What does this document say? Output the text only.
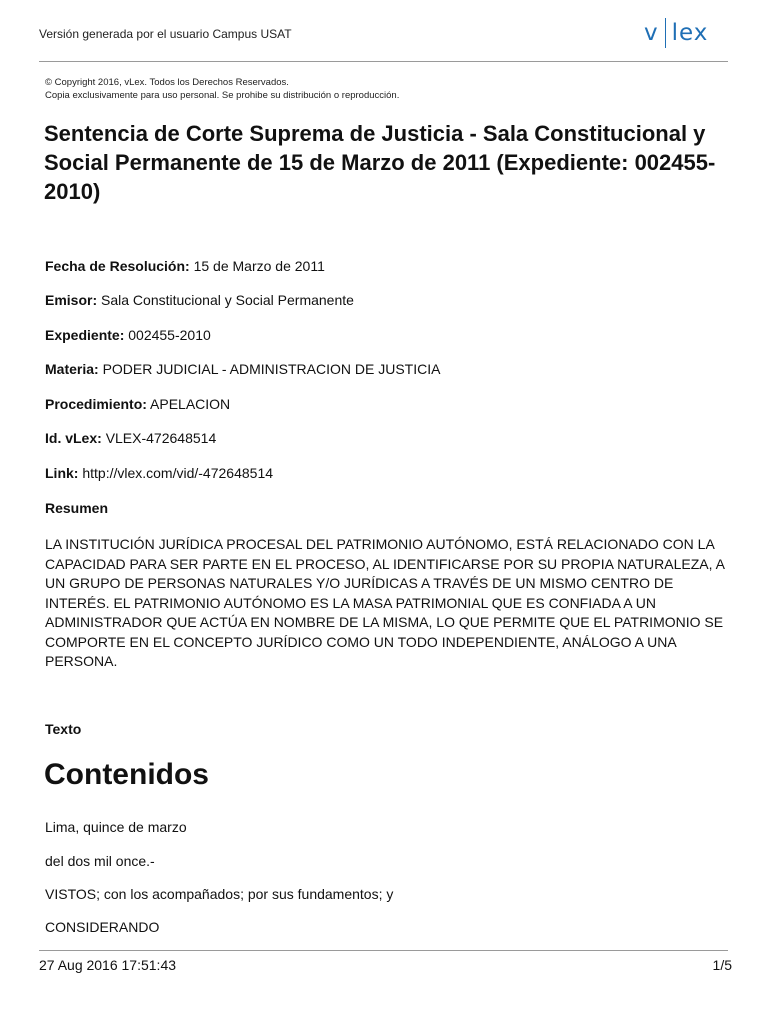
Versión generada por el usuario Campus USAT	v lex
© Copyright 2016, vLex. Todos los Derechos Reservados.
Copia exclusivamente para uso personal. Se prohibe su distribución o reproducción.
Sentencia de Corte Suprema de Justicia - Sala Constitucional y Social Permanente de 15 de Marzo de 2011 (Expediente: 002455-2010)
Fecha de Resolución: 15 de Marzo de 2011
Emisor: Sala Constitucional y Social Permanente
Expediente: 002455-2010
Materia: PODER JUDICIAL - ADMINISTRACION DE JUSTICIA
Procedimiento: APELACION
Id. vLex: VLEX-472648514
Link: http://vlex.com/vid/-472648514
Resumen

LA INSTITUCIÓN JURÍDICA PROCESAL DEL PATRIMONIO AUTÓNOMO, ESTÁ RELACIONADO CON LA CAPACIDAD PARA SER PARTE EN EL PROCESO, AL IDENTIFICARSE POR SU PROPIA NATURALEZA, A UN GRUPO DE PERSONAS NATURALES Y/O JURÍDICAS A TRAVÉS DE UN MISMO CENTRO DE INTERÉS. EL PATRIMONIO AUTÓNOMO ES LA MASA PATRIMONIAL QUE ES CONFIADA A UN ADMINISTRADOR QUE ACTÚA EN NOMBRE DE LA MISMA, LO QUE PERMITE QUE EL PATRIMONIO SE COMPORTE EN EL CONCEPTO JURÍDICO COMO UN TODO INDEPENDIENTE, ANÁLOGO A UNA PERSONA.

Texto
Contenidos
Lima, quince de marzo
del dos mil once.-
VISTOS; con los acompañados; por sus fundamentos; y
CONSIDERANDO
27 Aug 2016 17:51:43	1/5
